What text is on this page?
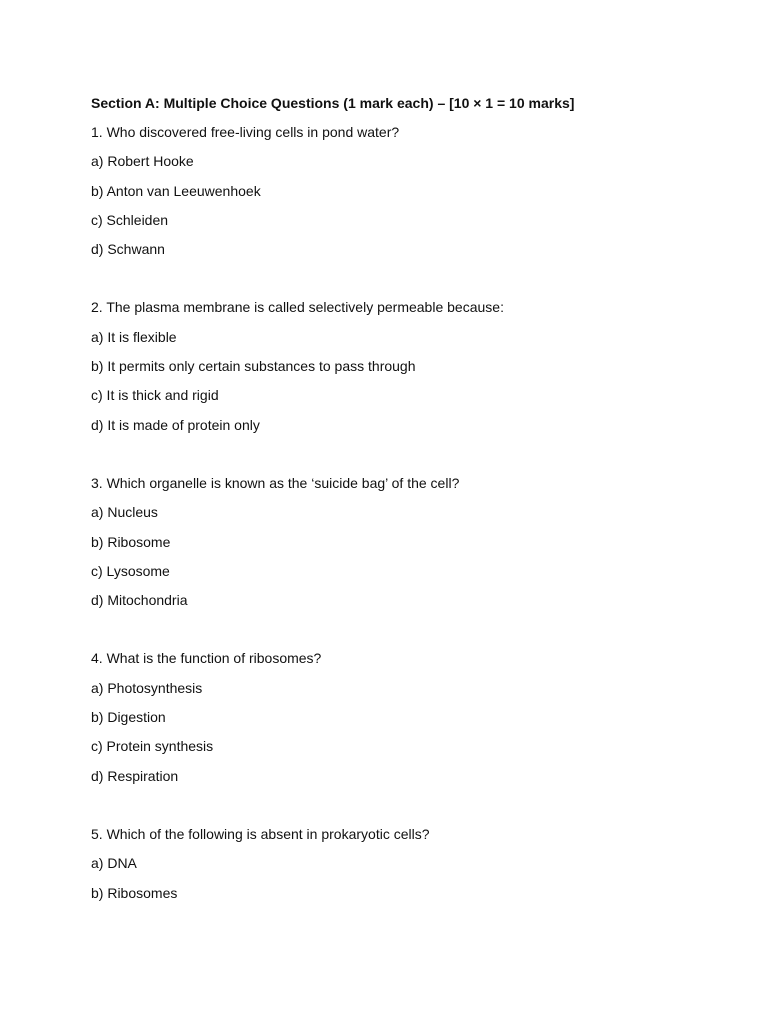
Section A: Multiple Choice Questions (1 mark each) – [10 × 1 = 10 marks]
1. Who discovered free-living cells in pond water?
a) Robert Hooke
b) Anton van Leeuwenhoek
c) Schleiden
d) Schwann
2. The plasma membrane is called selectively permeable because:
a) It is flexible
b) It permits only certain substances to pass through
c) It is thick and rigid
d) It is made of protein only
3. Which organelle is known as the ‘suicide bag’ of the cell?
a) Nucleus
b) Ribosome
c) Lysosome
d) Mitochondria
4. What is the function of ribosomes?
a) Photosynthesis
b) Digestion
c) Protein synthesis
d) Respiration
5. Which of the following is absent in prokaryotic cells?
a) DNA
b) Ribosomes
